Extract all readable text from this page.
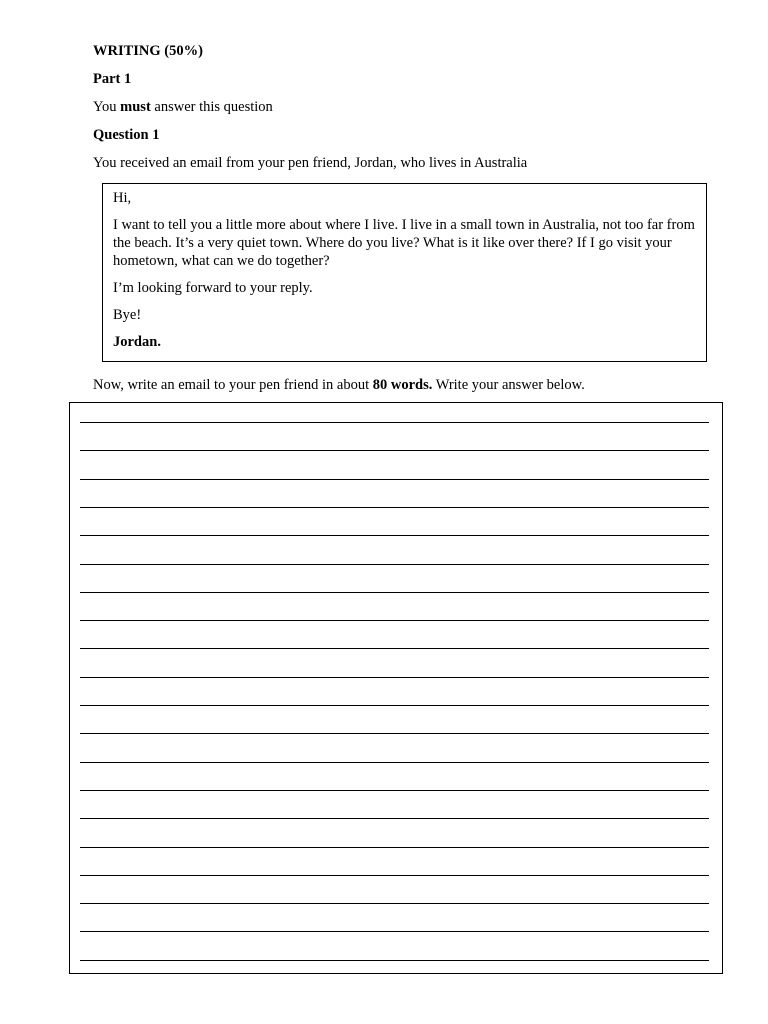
WRITING (50%)
Part 1
You must answer this question
Question 1
You received an email from your pen friend, Jordan, who lives in Australia

Hi,

I want to tell you a little more about where I live. I live in a small town in Australia, not too far from the beach. It’s a very quiet town. Where do you live? What is it like over there? If I go visit your hometown, what can we do together?

I’m looking forward to your reply.

Bye!

Jordan.

Now, write an email to your pen friend in about 80 words. Write your answer below.
